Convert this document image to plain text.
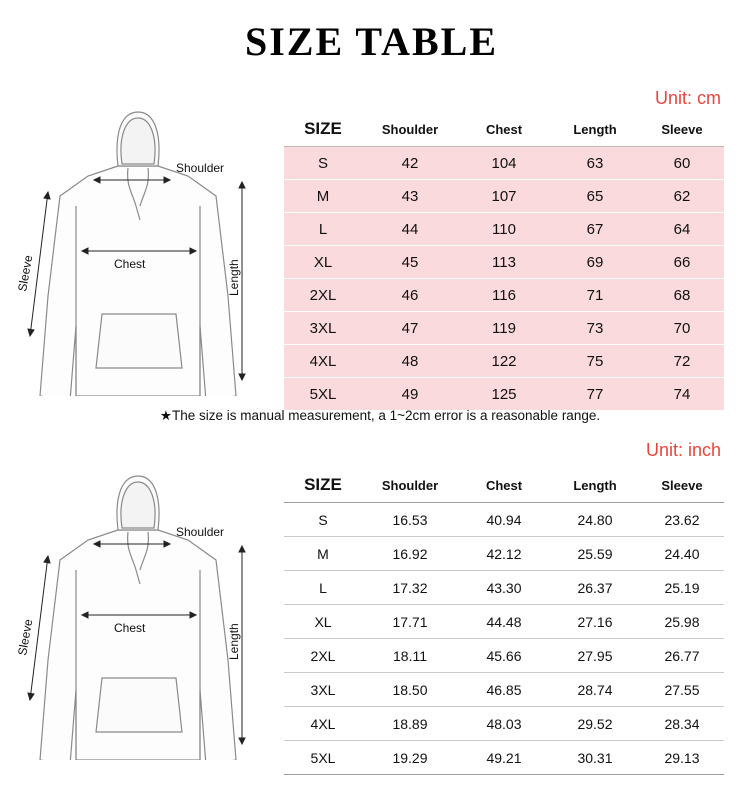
SIZE TABLE
Unit: cm
Unit: inch
Shoulder
Chest	Length
Sleeve
SIZE	Shoulder	Chest	Length	Sleeve
S	42	104	63	60
M	43	107	65	62
L	44	110	67	64
XL	45	113	69	66
2XL	46	116	71	68
3XL	47	119	73	70
4XL	48	122	75	72
5XL	49	125	77	74
★The size is manual measurement, a 1~2cm error is a reasonable range.
Shoulder
Chest	Length
Sleeve
SIZE	Shoulder	Chest	Length	Sleeve
S	16.53	40.94	24.80	23.62
M	16.92	42.12	25.59	24.40
L	17.32	43.30	26.37	25.19
XL	17.71	44.48	27.16	25.98
2XL	18.11	45.66	27.95	26.77
3XL	18.50	46.85	28.74	27.55
4XL	18.89	48.03	29.52	28.34
5XL	19.29	49.21	30.31	29.13
